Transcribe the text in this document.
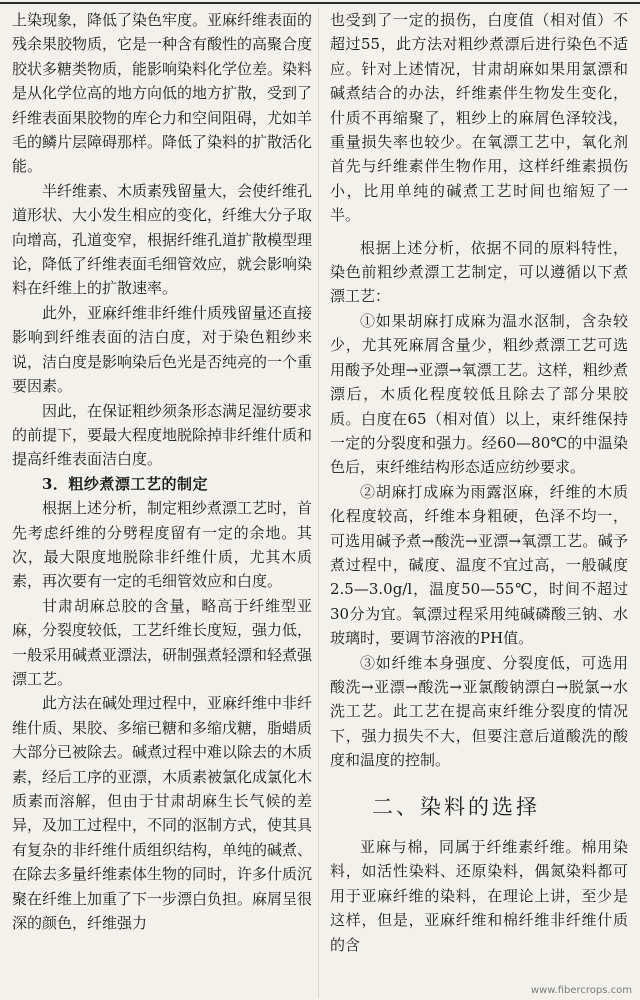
上染现象，降低了染色牢度。亚麻纤维表面的残余果胶物质，它是一种含有酸性的高聚合度胶状多糖类物质，能影响染料化学位差。染料是从化学位高的地方向低的地方扩散，受到了纤维表面果胶物的库仑力和空间阻碍，尤如羊毛的鳞片层障碍那样。降低了染料的扩散活化能。

半纤维素、木质素残留量大，会使纤维孔道形状、大小发生相应的变化，纤维大分子取向增高，孔道变窄，根据纤维孔道扩散模型理论，降低了纤维表面毛细管效应，就会影响染料在纤维上的扩散速率。

此外，亚麻纤维非纤维什质残留量还直接影响到纤维表面的洁白度，对于染色粗纱来说，洁白度是影响染后色光是否纯亮的一个重要因素。

因此，在保证粗纱须条形态满足湿纺要求的前提下，要最大程度地脱除掉非纤维什质和提高纤维表面洁白度。

3．粗纱煮漂工艺的制定

根据上述分析，制定粗纱煮漂工艺时，首先考虑纤维的分劈程度留有一定的余地。其次，最大限度地脱除非纤维什质，尤其木质素，再次要有一定的毛细管效应和白度。

甘肃胡麻总胶的含量，略高于纤维型亚麻，分裂度较低，工艺纤维长度短，强力低，一般采用碱煮亚漂法，研制强煮轻漂和轻煮强漂工艺。

此方法在碱处理过程中，亚麻纤维中非纤维什质、果胶、多缩已糖和多缩戊糖，脂蜡质大部分已被除去。碱煮过程中难以除去的木质素，经后工序的亚漂，木质素被氯化成氯化木质素而溶解，但由于甘肃胡麻生长气候的差异，及加工过程中，不同的沤制方式，使其具有复杂的非纤维什质组织结构，单纯的碱煮、在除去多量纤维素体生物的同时，许多什质沉聚在纤维上加重了下一步漂白负担。麻屑呈很深的颜色，纤维强力

也受到了一定的损伤，白度值（相对值）不超过55，此方法对粗纱煮漂后进行染色不适应。针对上述情况，甘肃胡麻如果用氯漂和碱煮结合的办法，纤维素伴生物发生变化，什质不再缩聚了，粗纱上的麻屑色泽较浅，重量损失率也较少。在氧漂工艺中，氧化剂首先与纤维素伴生物作用，这样纤维素损伤小，比用单纯的碱煮工艺时间也缩短了一半。

根据上述分析，依据不同的原料特性，染色前粗纱煮漂工艺制定，可以遵循以下煮漂工艺：

①如果胡麻打成麻为温水沤制，含杂较少，尤其死麻屑含量少，粗纱煮漂工艺可选用酸予处理→亚漂→氧漂工艺。这样，粗纱煮漂后，木质化程度较低且除去了部分果胶质。白度在65（相对值）以上，束纤维保持一定的分裂度和强力。经60—80℃的中温染色后，束纤维结构形态适应纺纱要求。

②胡麻打成麻为雨露沤麻，纤维的木质化程度较高，纤维本身粗硬，色泽不均一，可选用碱予煮→酸洗→亚漂→氧漂工艺。碱予煮过程中，碱度、温度不宜过高，一般碱度2.5—3.0g/l，温度50—55℃，时间不超过30分为宜。氧漂过程采用纯碱磷酸三钠、水玻璃时，要调节溶液的PH值。

③如纤维本身强度、分裂度低，可选用酸洗→亚漂→酸洗→亚氯酸钠漂白→脱氯→水洗工艺。此工艺在提高束纤维分裂度的情况下，强力损失不大，但要注意后道酸洗的酸度和温度的控制。

二、染料的选择

亚麻与棉，同属于纤维素纤维。棉用染料，如活性染料、还原染料，偶氮染料都可用于亚麻纤维的染料，在理论上讲，至少是这样，但是，亚麻纤维和棉纤维非纤维什质的含

www.fibercrops.com
